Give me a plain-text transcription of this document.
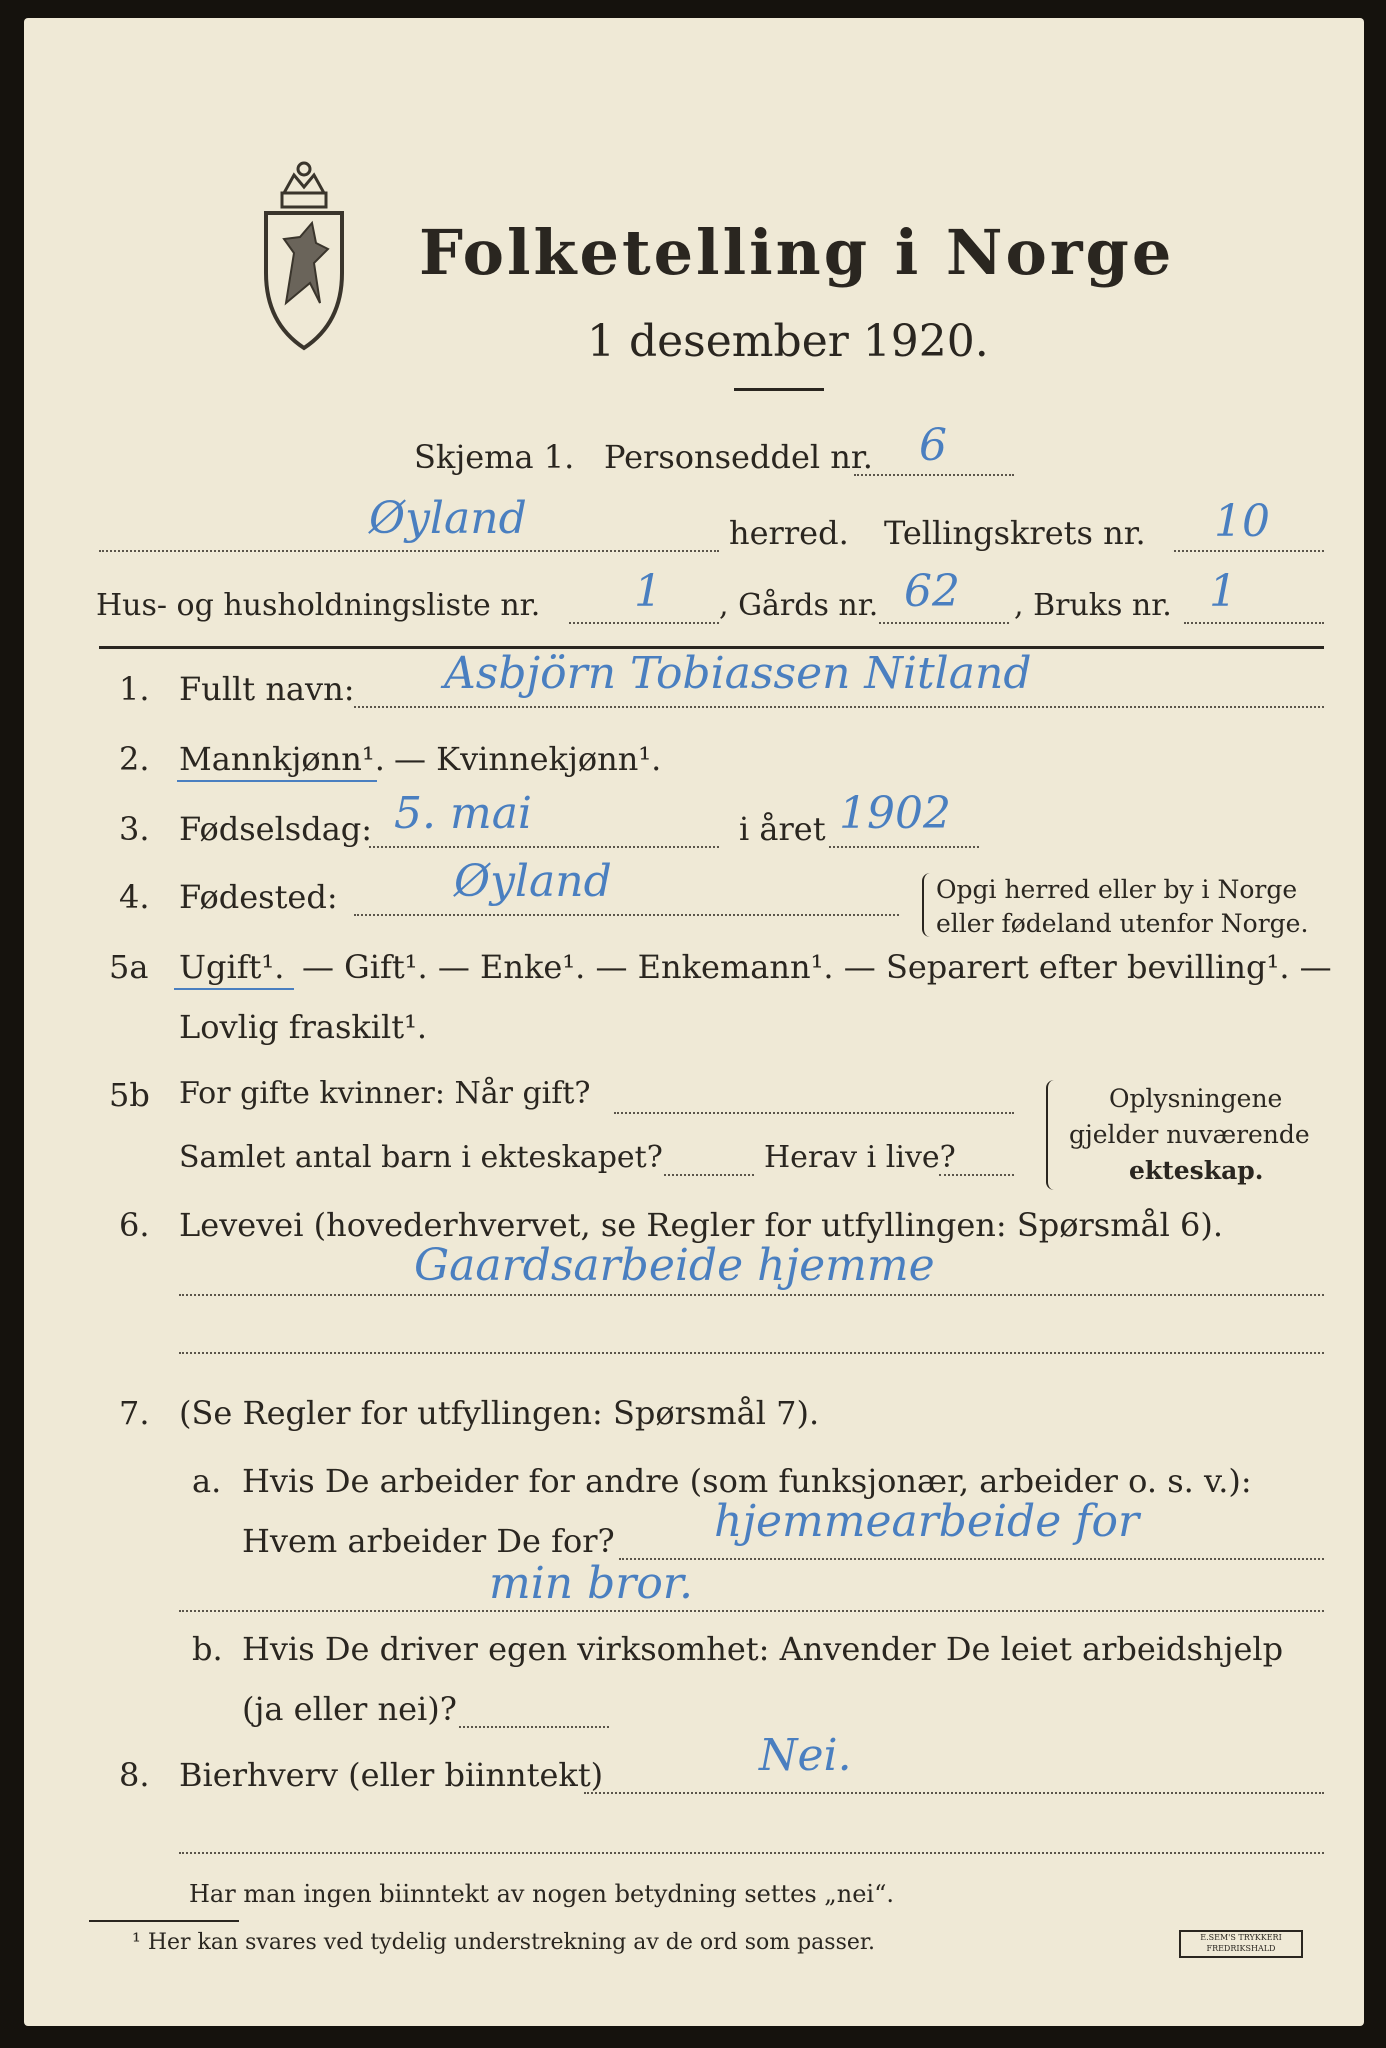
Folketelling i Norge
1 desember 1920.
Skjema 1. Personseddel nr. 6
Øyland	herred. Tellingskrets nr. 10
Hus- og husholdningsliste nr. 1 , Gårds nr. 62 , Bruks nr. 1
1. Fullt navn: Asbjörn Tobiassen Nitland
2. Mannkjønn¹. — Kvinnekjønn¹.
3. Fødselsdag: 5. mai	i året 1902
4. Fødested:	Øyland	Opgi herred eller by i Norge
eller fødeland utenfor Norge.
5a Ugift¹. — Gift¹. — Enke¹. — Enkemann¹. — Separert efter bevilling¹. —
Lovlig fraskilt¹.
5b For gifte kvinner: Når gift?
Samlet antal barn i ekteskapet?	Herav i live?
Oplysningene
gjelder nuværende
ekteskap.
6. Levevei (hovederhvervet, se Regler for utfyllingen: Spørsmål 6).
Gaardsarbeide hjemme
7. (Se Regler for utfyllingen: Spørsmål 7).
a. Hvis De arbeider for andre (som funksjonær, arbeider o. s. v.):
Hvem arbeider De for? hjemmearbeide for
min bror.
b. Hvis De driver egen virksomhet: Anvender De leiet arbeidshjelp
(ja eller nei)?
8. Bierhverv (eller biinntekt)	Nei.
Har man ingen biinntekt av nogen betydning settes „nei“.
¹ Her kan svares ved tydelig understrekning av de ord som passer.	E.SEM'S TRYKKERI
FREDRIKSHALD
